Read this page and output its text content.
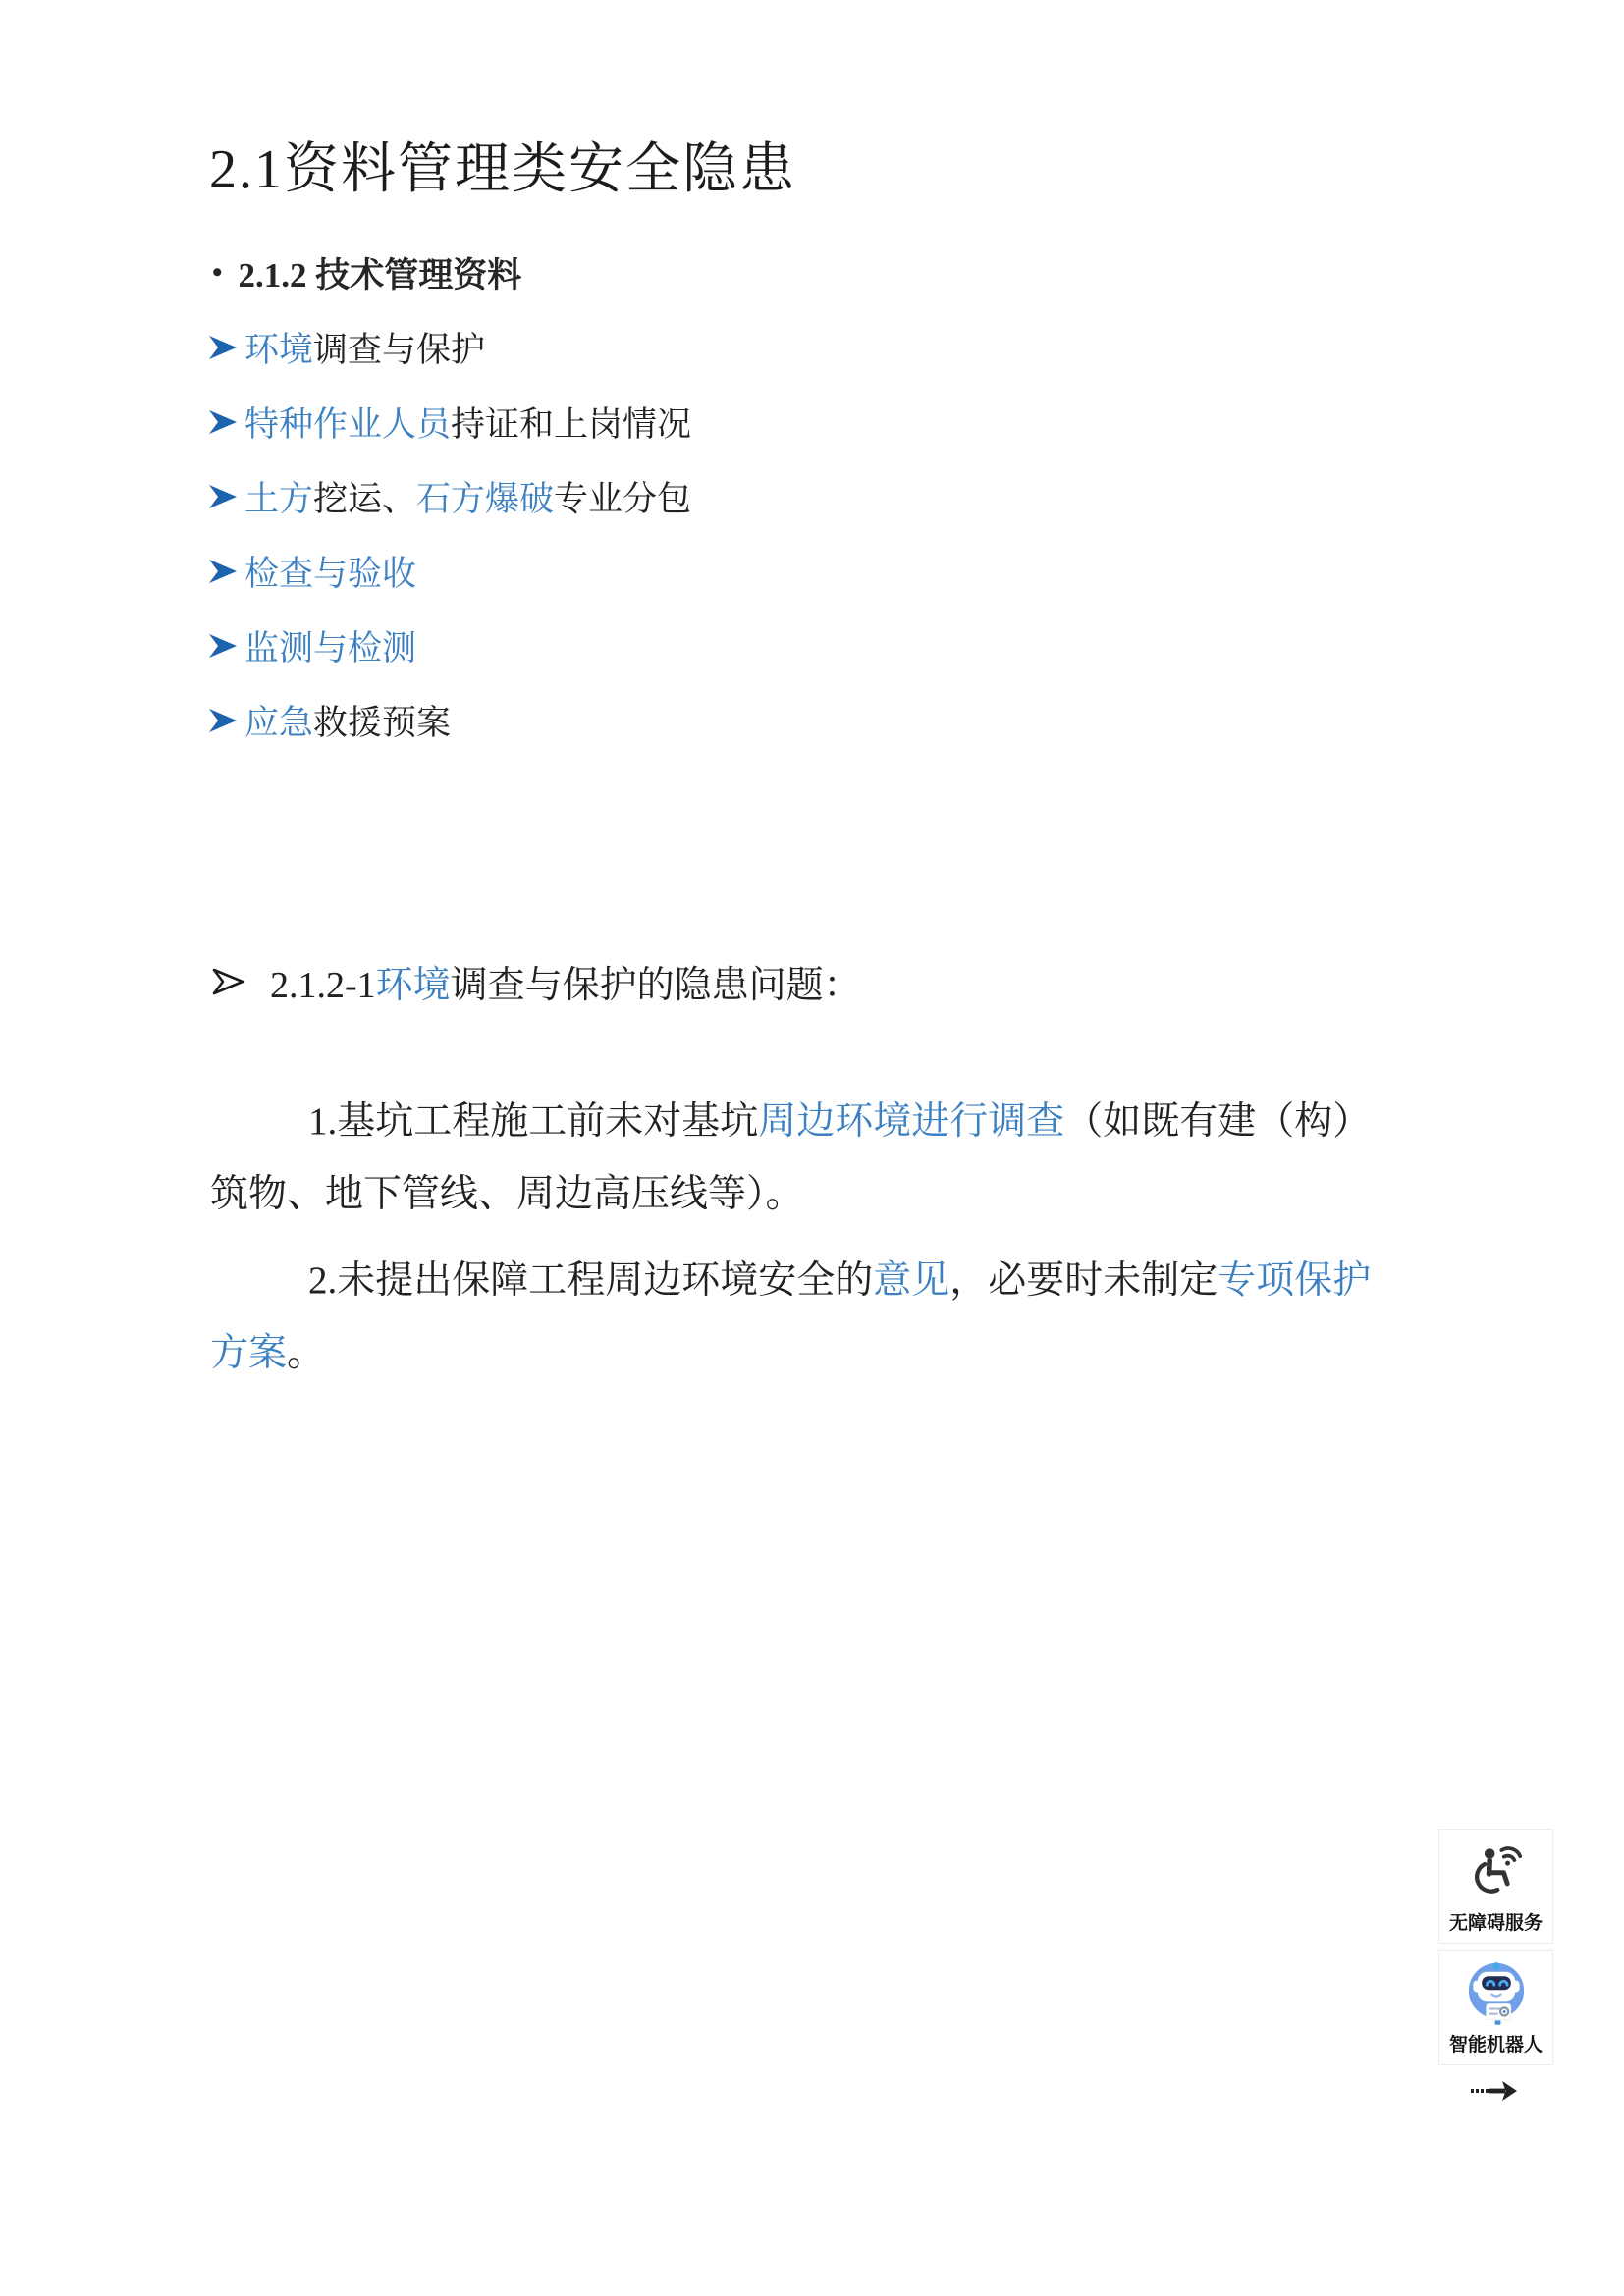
2.1资料管理类安全隐患
• 2.1.2 技术管理资料
环境调查与保护
特种作业人员持证和上岗情况
土方挖运、石方爆破专业分包
检查与验收
监测与检测
应急救援预案
2.1.2-1环境调查与保护的隐患问题：
1.基坑工程施工前未对基坑周边环境进行调查（如既有建（构）
筑物、地下管线、周边高压线等）。
2.未提出保障工程周边环境安全的意见，必要时未制定专项保护
方案。
无障碍服务
智能机器人
